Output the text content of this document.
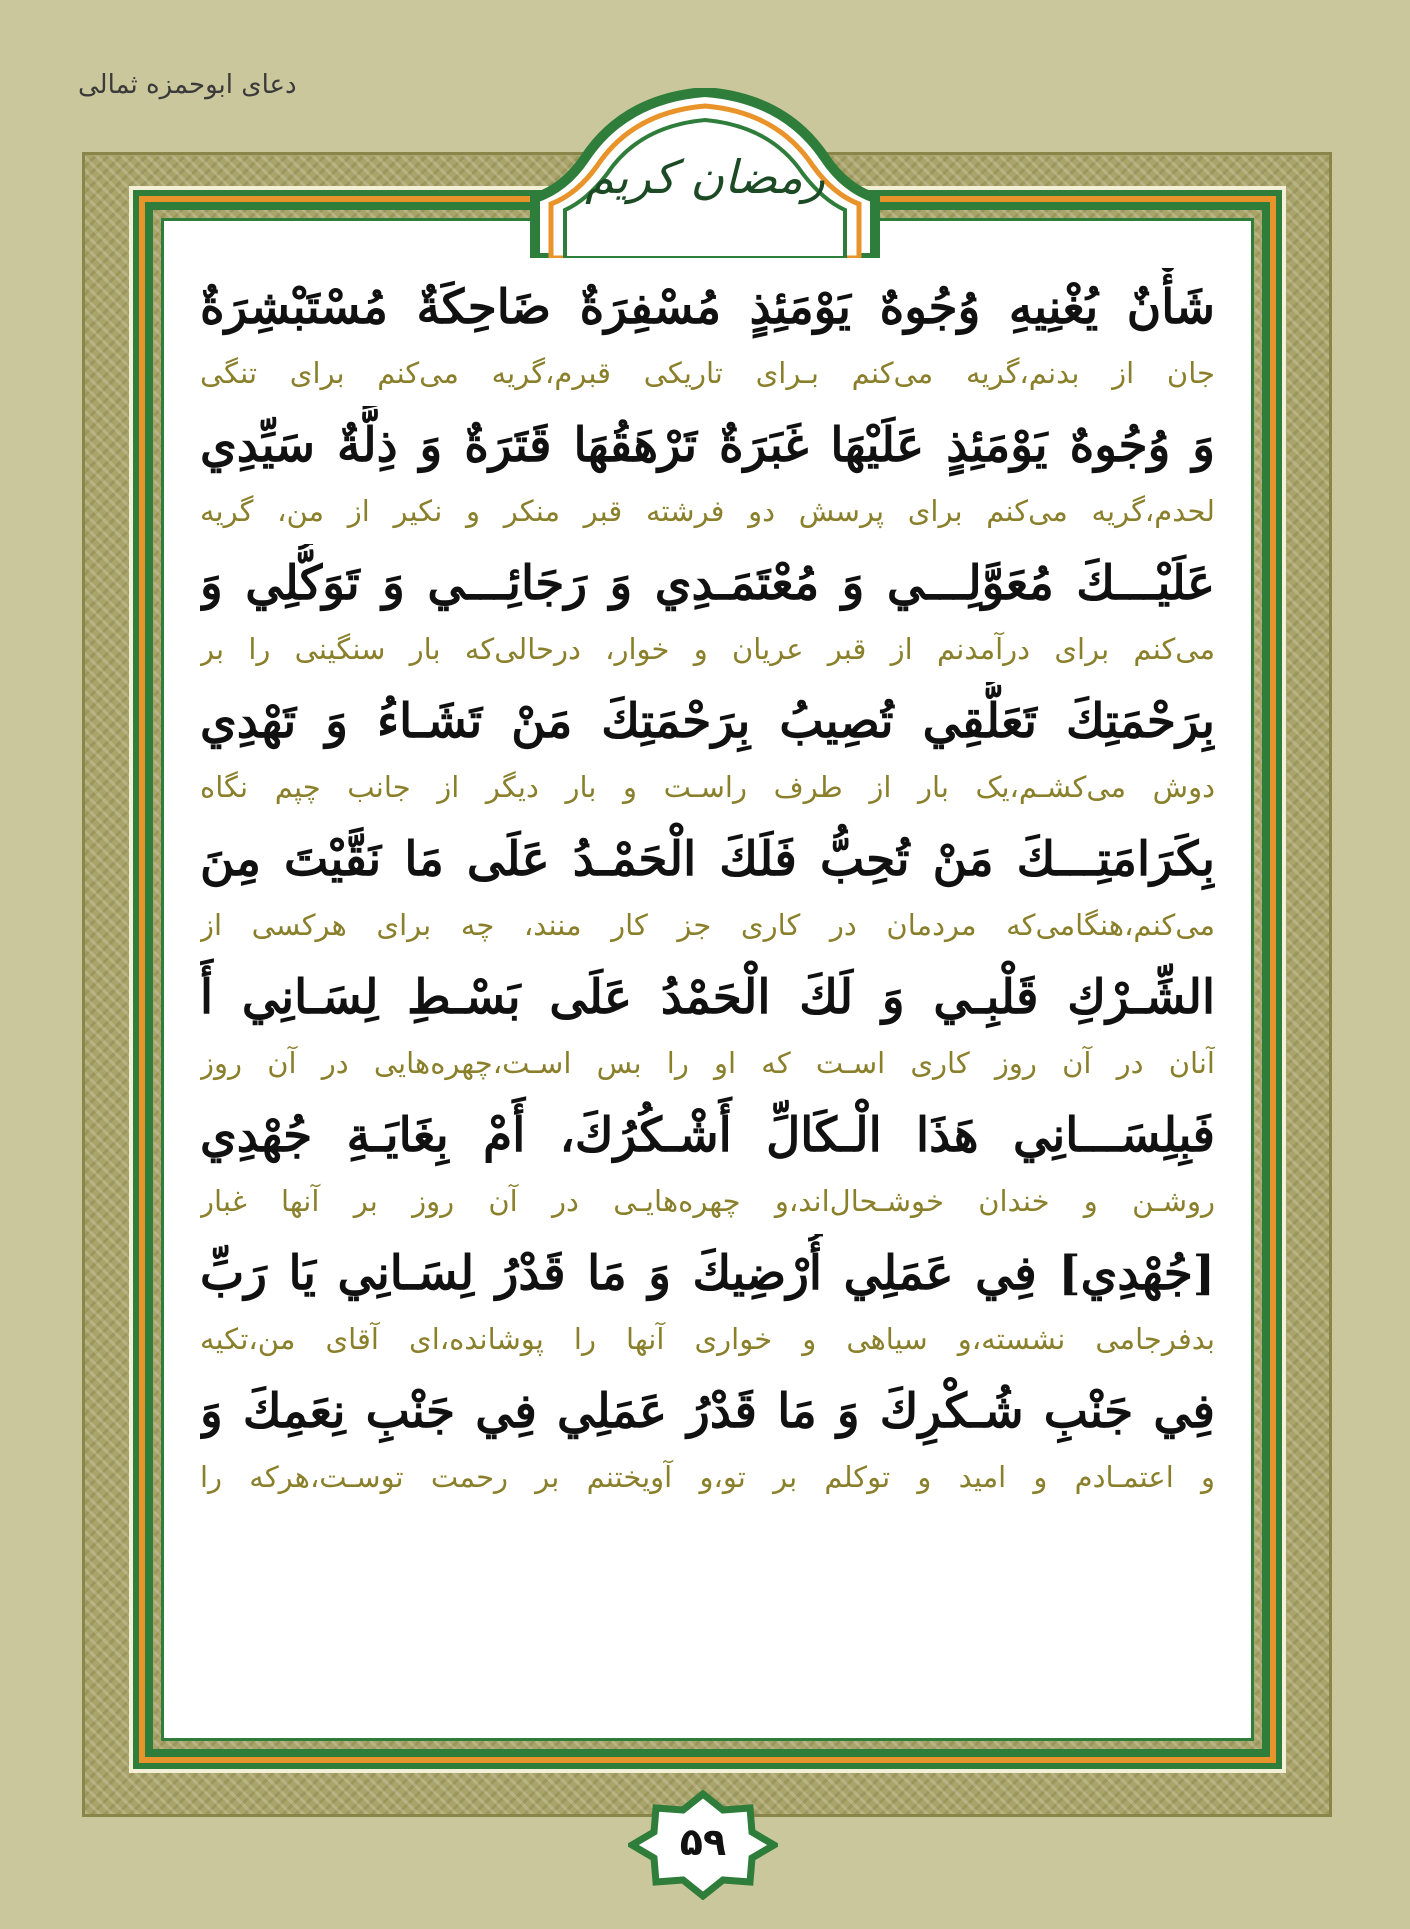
دعای ابوحمزه ثمالی
رمضان کریم
شَأْنٌ يُغْنِيهِ وُجُوهٌ يَوْمَئِذٍ مُسْفِرَةٌ ضَاحِكَةٌ مُسْتَبْشِرَةٌ
جان از بدنم،گریه می‌کنم بـرای تاریکی قبرم،گریه می‌کنم برای تنگی
وَ وُجُوهٌ يَوْمَئِذٍ عَلَيْهَا غَبَرَةٌ تَرْهَقُهَا قَتَرَةٌ وَ ذِلَّةٌ سَيِّدِي
لحدم،گریه می‌کنم برای پرسش دو فرشته قبر منکر و نکیر از من، گریه
عَلَيْـــكَ مُعَوَّلِـــي وَ مُعْتَمَـدِي وَ رَجَائِـــي وَ تَوَكُّلِي وَ
می‌کنم برای درآمدنم از قبر عریان و خوار، درحالی‌که بار سنگینی را بر
بِرَحْمَتِكَ تَعَلُّقِي تُصِيبُ بِرَحْمَتِكَ مَنْ تَشَـاءُ وَ تَهْدِي
دوش می‌کشـم،یک بار از طرف راسـت و بار دیگر از جانب چپم نگاه
بِكَرَامَتِـــكَ مَنْ تُحِبُّ فَلَكَ الْحَمْـدُ عَلَى مَا نَقَّيْتَ مِنَ
می‌کنم،هنگامی‌که مردمان در کاری جز کار منند، چه برای هرکسی از
الشِّـرْكِ قَلْبِـي وَ لَكَ الْحَمْدُ عَلَى بَسْـطِ لِسَـانِي أَ
آنان در آن روز کاری اسـت که او را بس اسـت،چهره‌هایی در آن روز
فَبِلِسَـــانِي هَذَا الْـكَالِّ أَشْـكُرُكَ، أَمْ بِغَايَـةِ جُهْدِي
روشـن و خندان خوشـحال‌اند،و چهره‌هایـی در آن روز بر آنها غبار
[جُهْدِي] فِي عَمَلِي أُرْضِيكَ وَ مَا قَدْرُ لِسَـانِي يَا رَبِّ
بدفرجامی نشسته،و سیاهی و خواری آنها را پوشانده،ای آقای من،تکیه
فِي جَنْبِ شُـكْرِكَ وَ مَا قَدْرُ عَمَلِي فِي جَنْبِ نِعَمِكَ وَ
و اعتمـادم و امید و توکلم بر تو،و آویختنم بر رحمت توسـت،هرکه را
۵۹
